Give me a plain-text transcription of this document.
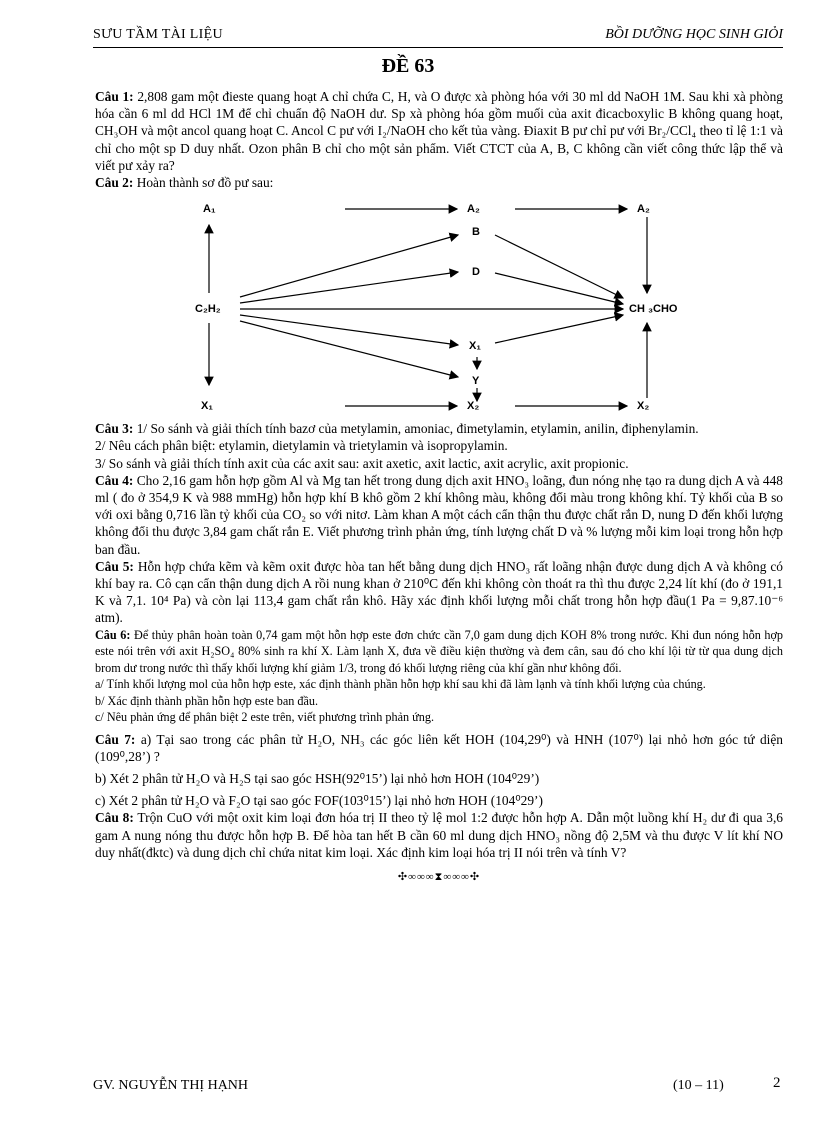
SƯU TẦM TÀI LIỆU	BỒI DƯỠNG HỌC SINH GIỎI
ĐỀ 63

Câu 1: 2,808 gam một đieste quang hoạt A chỉ chứa C, H, và O được xà phòng hóa với 30 ml dd NaOH 1M. Sau khi xà phòng hóa cần 6 ml dd HCl 1M để chỉ chuẩn độ NaOH dư. Sp xà phòng hóa gồm muối của axit đicacboxylic B không quang hoạt, CH₃OH và một ancol quang hoạt C. Ancol C pư với I₂/NaOH cho kết tủa vàng. Điaxit B pư chỉ pư với Br₂/CCl₄ theo tỉ lệ 1:1 và chỉ cho một sp D duy nhất. Ozon phân B chỉ cho một sản phẩm. Viết CTCT của A, B, C không cần viết công thức lập thể và viết pư xảy ra?

Câu 2: Hoàn thành sơ đồ pư sau:

A₁	A₂	A₂
B
D
C₂H₂	CH ₃CHO
X₁
Y
X₁	X₂	X₂

Câu 3: 1/ So sánh và giải thích tính bazơ của metylamin, amoniac, đimetylamin, etylamin, anilin, điphenylamin.

2/ Nêu cách phân biệt: etylamin, dietylamin và trietylamin và isopropylamin.

3/ So sánh và giải thích tính axit của các axit sau: axit axetic, axit lactic, axit acrylic, axit propionic.

Câu 4: Cho 2,16 gam hỗn hợp gồm Al và Mg tan hết trong dung dịch axit HNO₃ loãng, đun nóng nhẹ tạo ra dung dịch A và 448 ml ( đo ở 354,9 K và 988 mmHg) hỗn hợp khí B khô gồm 2 khí không màu, không đổi màu trong không khí. Tỷ khối của B so với oxi bằng 0,716 lần tỷ khối của CO₂ so với nitơ. Làm khan A một cách cẩn thận thu được chất rắn D, nung D đến khối lượng không đổi thu được 3,84 gam chất rắn E. Viết phương trình phản ứng, tính lượng chất D và % lượng mỗi kim loại trong hỗn hợp ban đầu.

Câu 5: Hỗn hợp chứa kẽm và kẽm oxit được hòa tan hết bằng dung dịch HNO₃ rất loãng nhận được dung dịch A và không có khí bay ra. Cô cạn cẩn thận dung dịch A rồi nung khan ở 210⁰C đến khi không còn thoát ra thì thu được 2,24 lít khí (đo ở 191,1 K và 7,1. 10⁴ Pa) và còn lại 113,4 gam chất rắn khô. Hãy xác định khối lượng mỗi chất trong hỗn hợp đầu(1 Pa = 9,87.10⁻⁶ atm).

Câu 6: Để thủy phân hoàn toàn 0,74 gam một hỗn hợp este đơn chức cần 7,0 gam dung dịch KOH 8% trong nước. Khi đun nóng hỗn hợp este nói trên với axit H₂SO₄ 80% sinh ra khí X. Làm lạnh X, đưa về điều kiện thường và đem cân, sau đó cho khí lội từ từ qua dung dịch brom dư trong nước thì thấy khối lượng khí giảm 1/3, trong đó khối lượng riêng của khí gần như không đổi.

a/ Tính khối lượng mol của hỗn hợp este, xác định thành phần hỗn hợp khí sau khi đã làm lạnh và tính khối lượng của chúng.

b/ Xác định thành phần hỗn hợp este ban đầu.

c/ Nêu phản ứng để phân biệt 2 este trên, viết phương trình phản ứng.

Câu 7: a) Tại sao trong các phân tử H₂O, NH₃ các góc liên kết HOH (104,29⁰) và HNH (107⁰) lại nhỏ hơn góc tứ diện (109⁰,28’) ?

b) Xét 2 phân tử H₂O và H₂S tại sao góc HSH(92⁰15’) lại nhỏ hơn HOH (104⁰29’)

c) Xét 2 phân tử H₂O và F₂O tại sao góc FOF(103⁰15’) lại nhỏ hơn HOH (104⁰29’)

Câu 8: Trộn CuO với một oxit kim loại đơn hóa trị II theo tỷ lệ mol 1:2 được hỗn hợp A. Dẫn một luồng khí H₂ dư đi qua 3,6 gam A nung nóng thu được hỗn hợp B. Để hòa tan hết B cần 60 ml dung dịch HNO₃ nồng độ 2,5M và thu được V lít khí NO duy nhất(đktc) và dung dịch chỉ chứa nitat kim loại. Xác định kim loại hóa trị II nói trên và tính V?

✣∞∞∞⧗∞∞∞✣
GV. NGUYỄN THỊ HẠNH	(10 – 11)	2
